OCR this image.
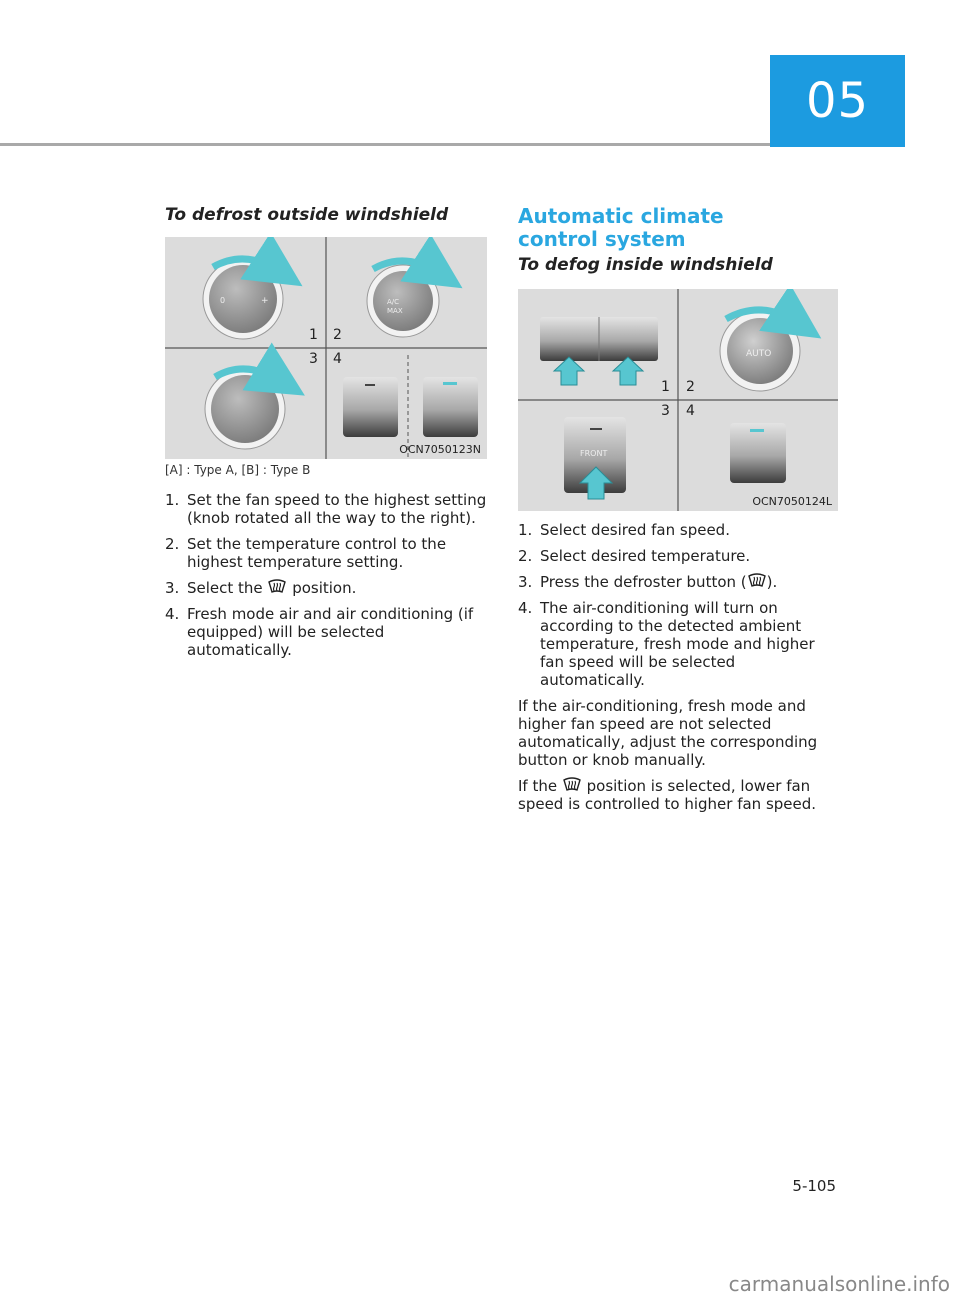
05
To defrost outside windshield
0	+	A/C
MAX
1 2
3 4
OCN7050123N

[A] : Type A, [B] : Type B

1. Set the fan speed to the highest setting (knob rotated all the way to the right).
2. Set the temperature control to the highest temperature setting.
3. Select the  position.
4. Fresh mode air and air conditioning (if equipped) will be selected automatically.
Automatic climate control system
To defog inside windshield
AUTO
FRONT
1 2
3 4
OCN7050124L
1. Select desired fan speed.
2. Select desired temperature.
3. Press the defroster button ( ).
4. The air-conditioning will turn on according to the detected ambient temperature, fresh mode and higher fan speed will be selected automatically.

If the air-conditioning, fresh mode and higher fan speed are not selected automatically, adjust the corresponding button or knob manually.

If the  position is selected, lower fan speed is controlled to higher fan speed.

5-105
carmanualsonline.info
